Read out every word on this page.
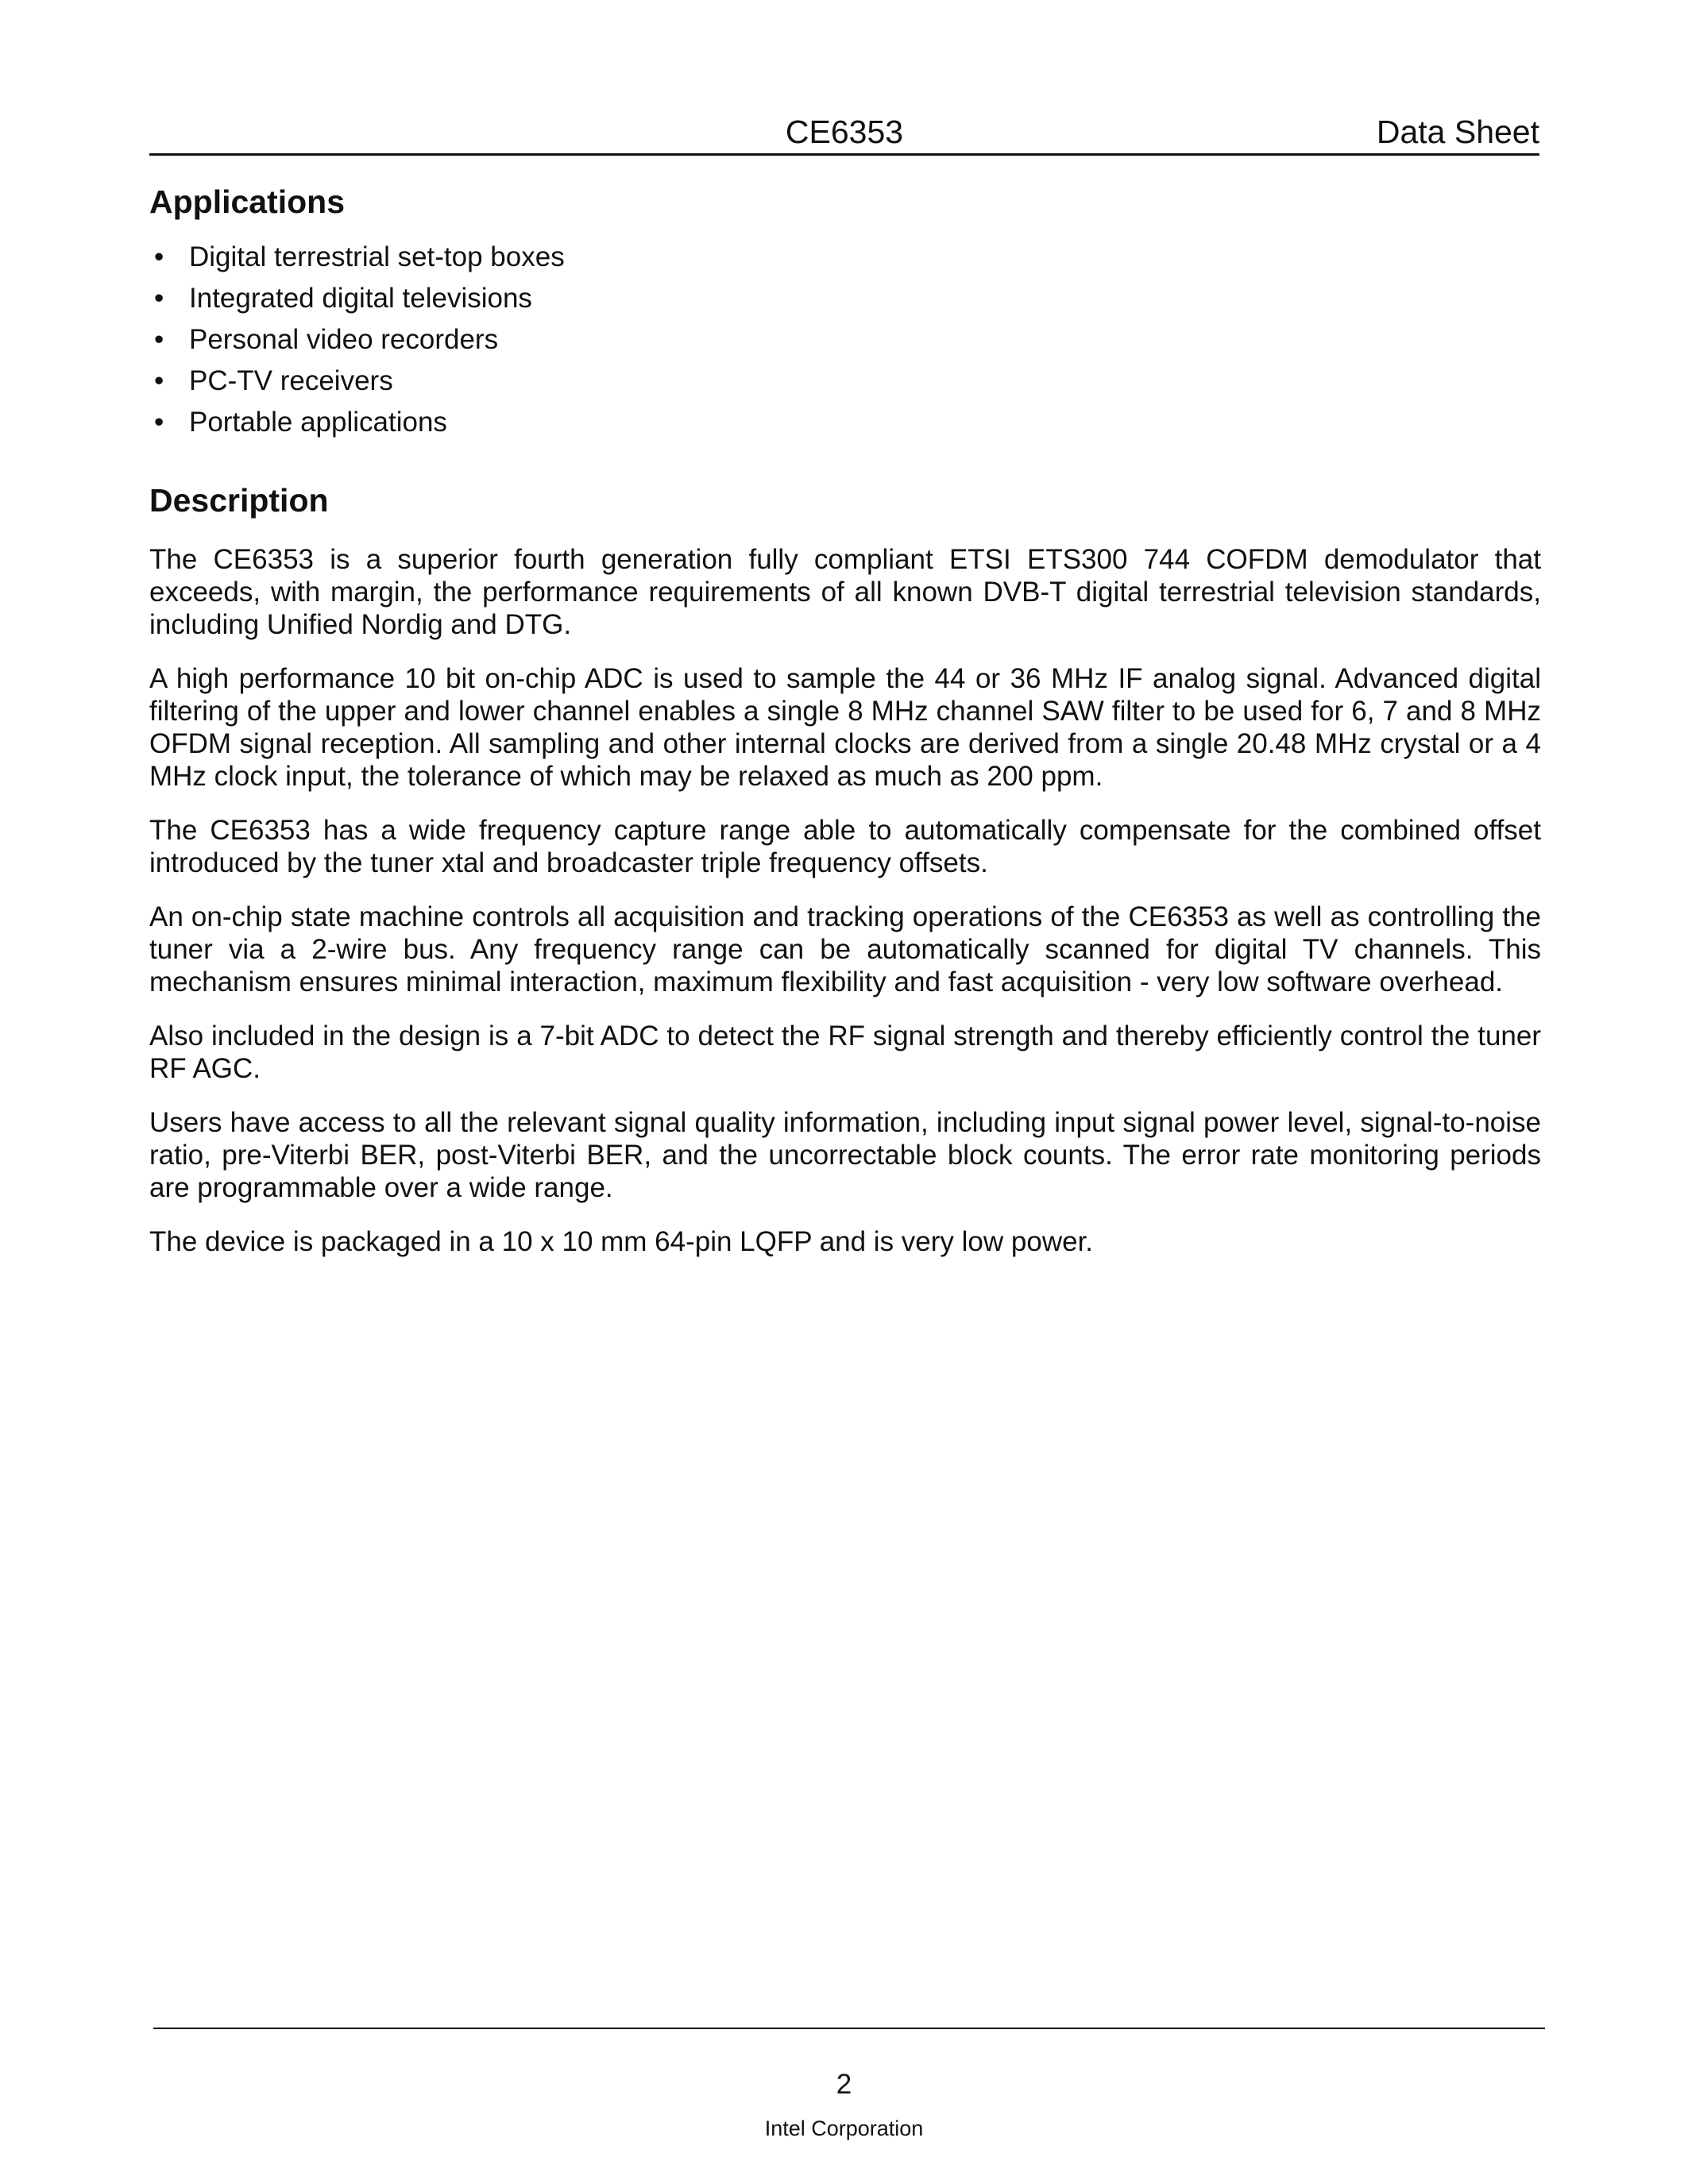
CE6353	Data Sheet
Applications
• Digital terrestrial set-top boxes
• Integrated digital televisions
• Personal video recorders
• PC-TV receivers
• Portable applications
Description

The CE6353 is a superior fourth generation fully compliant ETSI ETS300 744 COFDM demodulator that exceeds, with margin, the performance requirements of all known DVB-T digital terrestrial television standards, including Unified Nordig and DTG.

A high performance 10 bit on-chip ADC is used to sample the 44 or 36 MHz IF analog signal. Advanced digital filtering of the upper and lower channel enables a single 8 MHz channel SAW filter to be used for 6, 7 and 8 MHz OFDM signal reception. All sampling and other internal clocks are derived from a single 20.48 MHz crystal or a 4 MHz clock input, the tolerance of which may be relaxed as much as 200 ppm.

The CE6353 has a wide frequency capture range able to automatically compensate for the combined offset introduced by the tuner xtal and broadcaster triple frequency offsets.

An on-chip state machine controls all acquisition and tracking operations of the CE6353 as well as controlling the tuner via a 2-wire bus. Any frequency range can be automatically scanned for digital TV channels. This mechanism ensures minimal interaction, maximum flexibility and fast acquisition - very low software overhead.

Also included in the design is a 7-bit ADC to detect the RF signal strength and thereby efficiently control the tuner RF AGC.

Users have access to all the relevant signal quality information, including input signal power level, signal-to-noise ratio, pre-Viterbi BER, post-Viterbi BER, and the uncorrectable block counts. The error rate monitoring periods are programmable over a wide range.

The device is packaged in a 10 x 10 mm 64-pin LQFP and is very low power.

2
Intel Corporation
